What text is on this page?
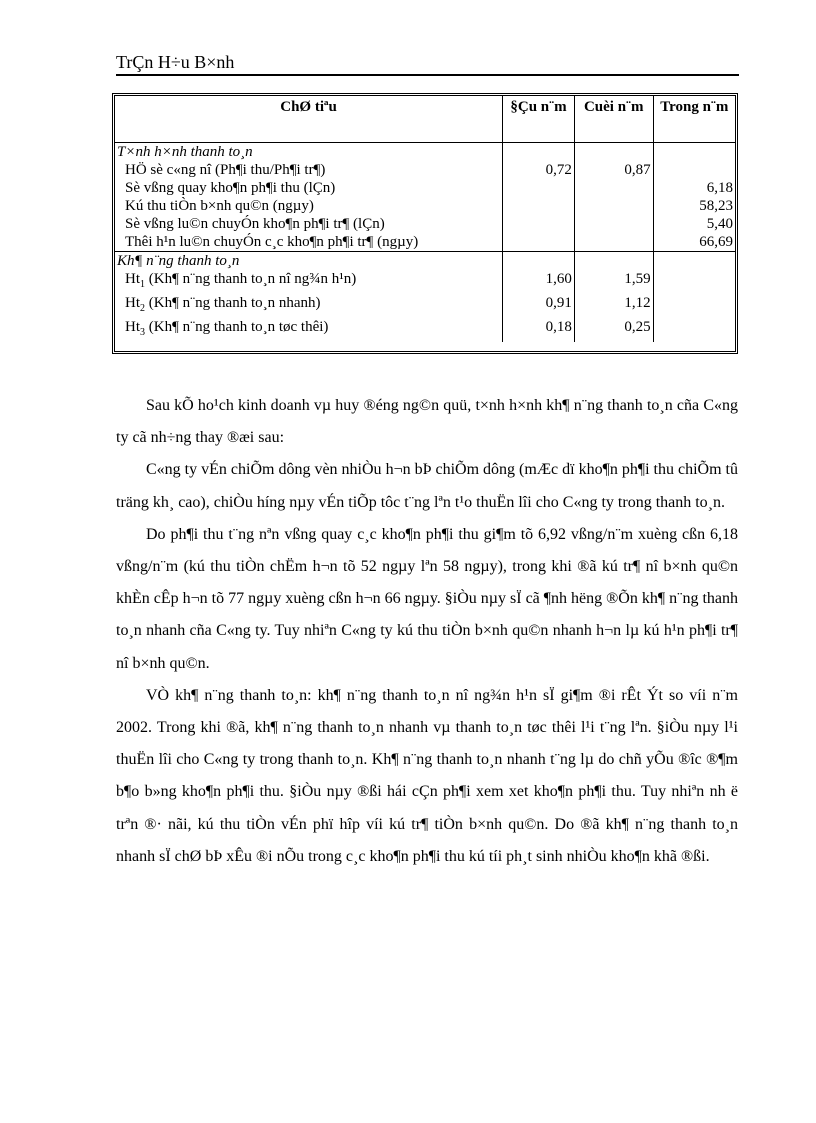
TrÇn H÷u B×nh
ChØ tiªu	§Çu n¨m	Cuèi n¨m	Trong n¨m
T×nh h×nh thanh to¸n			
HÖ sè c«ng nî (Ph¶i thu/Ph¶i tr¶)	0,72	0,87	
Sè vßng quay kho¶n ph¶i thu (lÇn)			6,18
Kú thu tiÒn b×nh qu©n (ngµy)			58,23
Sè vßng lu©n chuyÓn kho¶n ph¶i tr¶ (lÇn)			5,40
Thêi h¹n lu©n chuyÓn c¸c kho¶n ph¶i tr¶ (ngµy)			66,69
Kh¶ n¨ng thanh to¸n			
$Ht_1$ (Kh¶ n¨ng thanh to¸n nî ng¾n h¹n)	1,60	1,59	
$Ht_2$ (Kh¶ n¨ng thanh to¸n nhanh)	0,91	1,12	
$Ht_3$ (Kh¶ n¨ng thanh to¸n tøc thêi)	0,18	0,25	

Sau kÕ ho¹ch kinh doanh vµ huy ®éng ng©n quü, t×nh h×nh kh¶ n¨ng thanh to¸n cña C«ng ty cã nh÷ng thay ®æi sau:

C«ng ty vÉn chiÕm dông vèn nhiÒu h¬n bÞ chiÕm dông (mÆc dï kho¶n ph¶i thu chiÕm tû träng kh¸ cao), chiÒu híng nµy vÉn tiÕp tôc t¨ng lªn t¹o thuËn lîi cho C«ng ty trong thanh to¸n.

Do ph¶i thu t¨ng nªn vßng quay c¸c kho¶n ph¶i thu gi¶m tõ 6,92 vßng/n¨m xuèng cßn 6,18 vßng/n¨m (kú thu tiÒn chËm h¬n tõ 52 ngµy lªn 58 ngµy), trong khi ®ã kú tr¶ nî b×nh qu©n khÈn cÊp h¬n tõ 77 ngµy xuèng cßn h¬n 66 ngµy. §iÒu nµy sÏ cã ¶nh hëng ®Õn kh¶ n¨ng thanh to¸n nhanh cña C«ng ty. Tuy nhiªn C«ng ty kú thu tiÒn b×nh qu©n nhanh h¬n lµ kú h¹n ph¶i tr¶ nî b×nh qu©n.

VÒ kh¶ n¨ng thanh to¸n: kh¶ n¨ng thanh to¸n nî ng¾n h¹n sÏ gi¶m ®i rÊt Ýt so víi n¨m 2002. Trong khi ®ã, kh¶ n¨ng thanh to¸n nhanh vµ thanh to¸n tøc thêi l¹i t¨ng lªn. §iÒu nµy l¹i thuËn lîi cho C«ng ty trong thanh to¸n. Kh¶ n¨ng thanh to¸n nhanh t¨ng lµ do chñ yÕu ®îc ®¶m b¶o b»ng kho¶n ph¶i thu. §iÒu nµy ®ßi hái cÇn ph¶i xem xet kho¶n ph¶i thu. Tuy nhiªn nh ë trªn ®· nãi, kú thu tiÒn vÉn phï hîp víi kú tr¶ tiÒn b×nh qu©n. Do ®ã kh¶ n¨ng thanh to¸n nhanh sÏ chØ bÞ xÊu ®i nÕu trong c¸c kho¶n ph¶i thu kú tíi ph¸t sinh nhiÒu kho¶n khã ®ßi.
